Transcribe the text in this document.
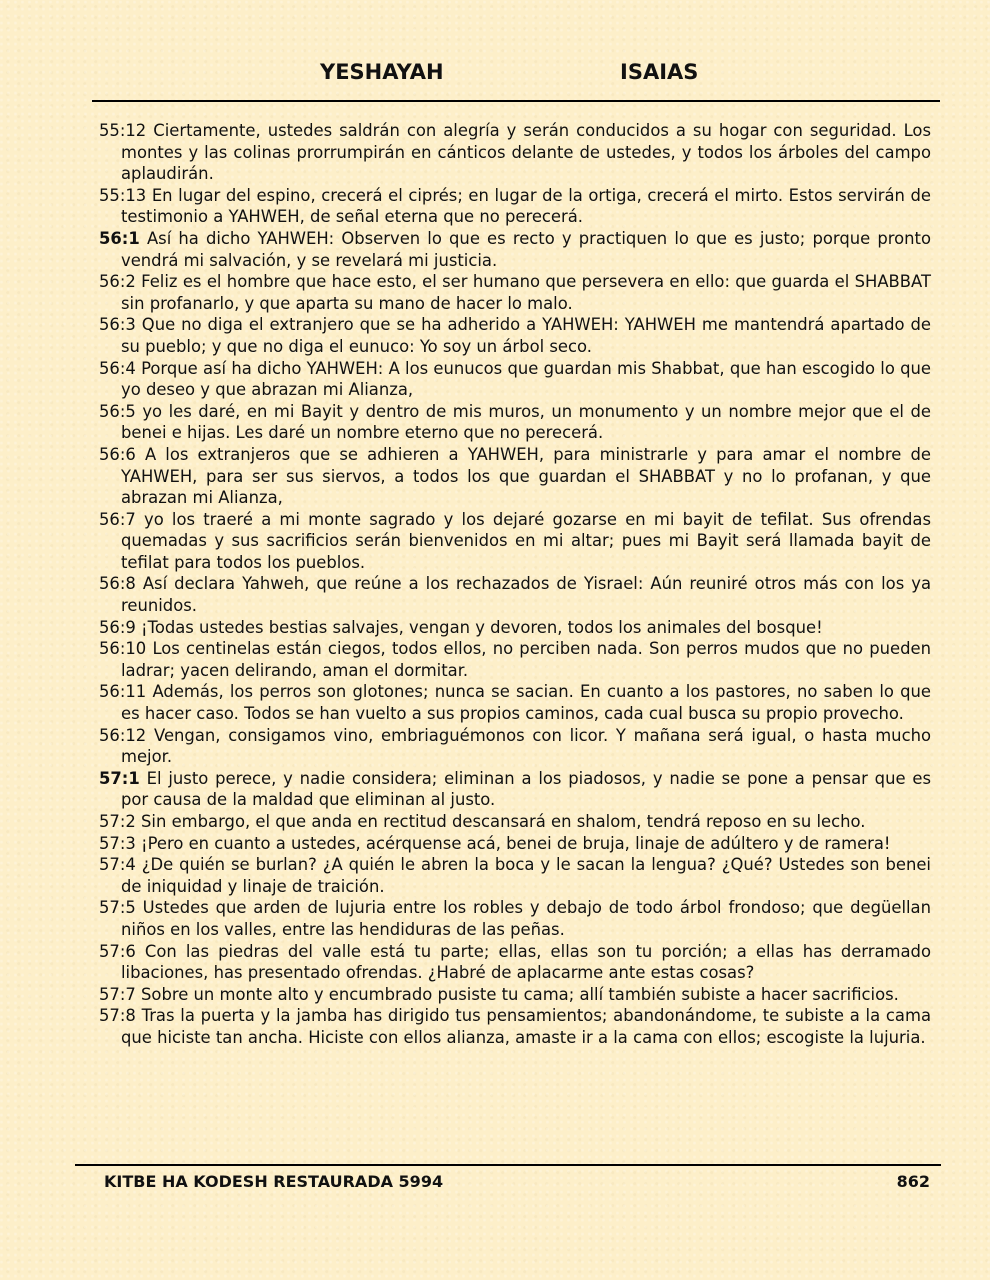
YESHAYAH	ISAIAS

55:12 Ciertamente, ustedes saldrán con alegría y serán conducidos a su hogar con seguridad. Los montes y las colinas prorrumpirán en cánticos delante de ustedes, y todos los árboles del campo aplaudirán.

55:13 En lugar del espino, crecerá el ciprés; en lugar de la ortiga, crecerá el mirto. Estos servirán de testimonio a YAHWEH, de señal eterna que no perecerá.

56:1 Así ha dicho YAHWEH: Observen lo que es recto y practiquen lo que es justo; porque pronto vendrá mi salvación, y se revelará mi justicia.

56:2 Feliz es el hombre que hace esto, el ser humano que persevera en ello: que guarda el SHABBAT sin profanarlo, y que aparta su mano de hacer lo malo.

56:3 Que no diga el extranjero que se ha adherido a YAHWEH: YAHWEH me mantendrá apartado de su pueblo; y que no diga el eunuco: Yo soy un árbol seco.

56:4 Porque así ha dicho YAHWEH: A los eunucos que guardan mis Shabbat, que han escogido lo que yo deseo y que abrazan mi Alianza,

56:5 yo les daré, en mi Bayit y dentro de mis muros, un monumento y un nombre mejor que el de benei e hijas. Les daré un nombre eterno que no perecerá.

56:6 A los extranjeros que se adhieren a YAHWEH, para ministrarle y para amar el nombre de YAHWEH, para ser sus siervos, a todos los que guardan el SHABBAT y no lo profanan, y que abrazan mi Alianza,

56:7 yo los traeré a mi monte sagrado y los dejaré gozarse en mi bayit de tefilat. Sus ofrendas quemadas y sus sacrificios serán bienvenidos en mi altar; pues mi Bayit será llamada bayit de tefilat para todos los pueblos.

56:8 Así declara Yahweh, que reúne a los rechazados de Yisrael: Aún reuniré otros más con los ya reunidos.

56:9 ¡Todas ustedes bestias salvajes, vengan y devoren, todos los animales del bosque!

56:10 Los centinelas están ciegos, todos ellos, no perciben nada. Son perros mudos que no pueden ladrar; yacen delirando, aman el dormitar.

56:11 Además, los perros son glotones; nunca se sacian. En cuanto a los pastores, no saben lo que es hacer caso. Todos se han vuelto a sus propios caminos, cada cual busca su propio provecho.

56:12 Vengan, consigamos vino, embriaguémonos con licor. Y mañana será igual, o hasta mucho mejor.

57:1 El justo perece, y nadie considera; eliminan a los piadosos, y nadie se pone a pensar que es por causa de la maldad que eliminan al justo.

57:2 Sin embargo, el que anda en rectitud descansará en shalom, tendrá reposo en su lecho.

57:3 ¡Pero en cuanto a ustedes, acérquense acá, benei de bruja, linaje de adúltero y de ramera!

57:4 ¿De quién se burlan? ¿A quién le abren la boca y le sacan la lengua? ¿Qué? Ustedes son benei de iniquidad y linaje de traición.

57:5 Ustedes que arden de lujuria entre los robles y debajo de todo árbol frondoso; que degüellan niños en los valles, entre las hendiduras de las peñas.

57:6 Con las piedras del valle está tu parte; ellas, ellas son tu porción; a ellas has derramado libaciones, has presentado ofrendas. ¿Habré de aplacarme ante estas cosas?

57:7 Sobre un monte alto y encumbrado pusiste tu cama; allí también subiste a hacer sacrificios.

57:8 Tras la puerta y la jamba has dirigido tus pensamientos; abandonándome, te subiste a la cama que hiciste tan ancha. Hiciste con ellos alianza, amaste ir a la cama con ellos; escogiste la lujuria.

KITBE HA KODESH RESTAURADA 5994	862
